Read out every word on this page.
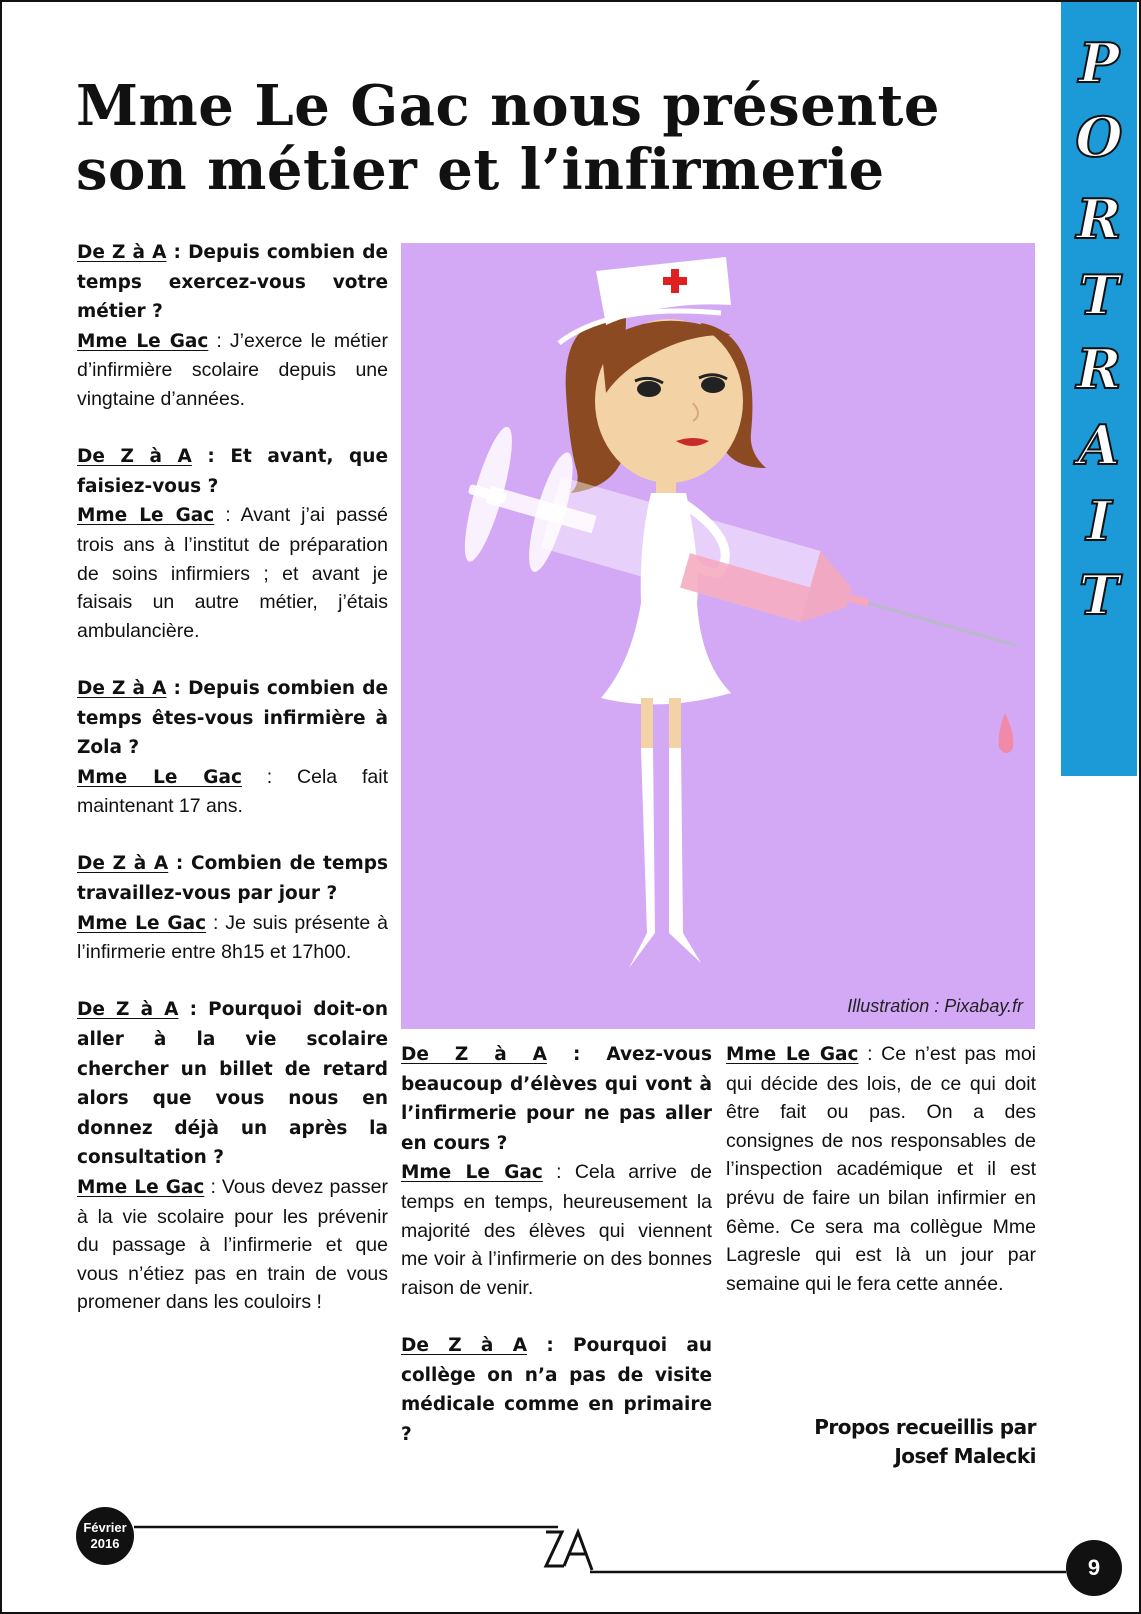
P
O
R
T
R
A
I
T
Mme Le Gac nous présente
son métier et l’infirmerie

De Z à A : Depuis combien de temps exercez-vous votre métier ?
Mme Le Gac : J’exerce le métier d’infirmière scolaire depuis une vingtaine d’années.

De Z à A : Et avant, que faisiez-vous ?
Mme Le Gac : Avant j’ai passé trois ans à l’institut de préparation de soins infirmiers ; et avant je faisais un autre métier, j’étais ambulancière.

De Z à A : Depuis combien de temps êtes-vous infirmière à Zola ?
Mme Le Gac : Cela fait maintenant 17 ans.

De Z à A : Combien de temps travaillez-vous par jour ?
Mme Le Gac : Je suis présente à l’infirmerie entre 8h15 et 17h00.

De Z à A : Pourquoi doit-on aller à la vie scolaire chercher un billet de retard alors que vous nous en donnez déjà un après la consultation ?
Mme Le Gac : Vous devez passer à la vie scolaire pour les prévenir du passage à l’infirmerie et que vous n’étiez pas en train de vous promener dans les couloirs !

Illustration : Pixabay.fr

De Z à A : Avez-vous beaucoup d’élèves qui vont à l’infirmerie pour ne pas aller en cours ?
Mme Le Gac : Cela arrive de temps en temps, heureusement la majorité des élèves qui viennent me voir à l’infirmerie on des bonnes raison de venir.

De Z à A : Pourquoi au collège on n’a pas de visite médicale comme en primaire ?

Mme Le Gac : Ce n’est pas moi qui décide des lois, de ce qui doit être fait ou pas. On a des consignes de nos responsables de l’inspection académique et il est prévu de faire un bilan infirmier en 6ème. Ce sera ma collègue Mme Lagresle qui est là un jour par semaine qui le fera cette année.

Propos recueillis par
Josef Malecki
Février
2016
9
